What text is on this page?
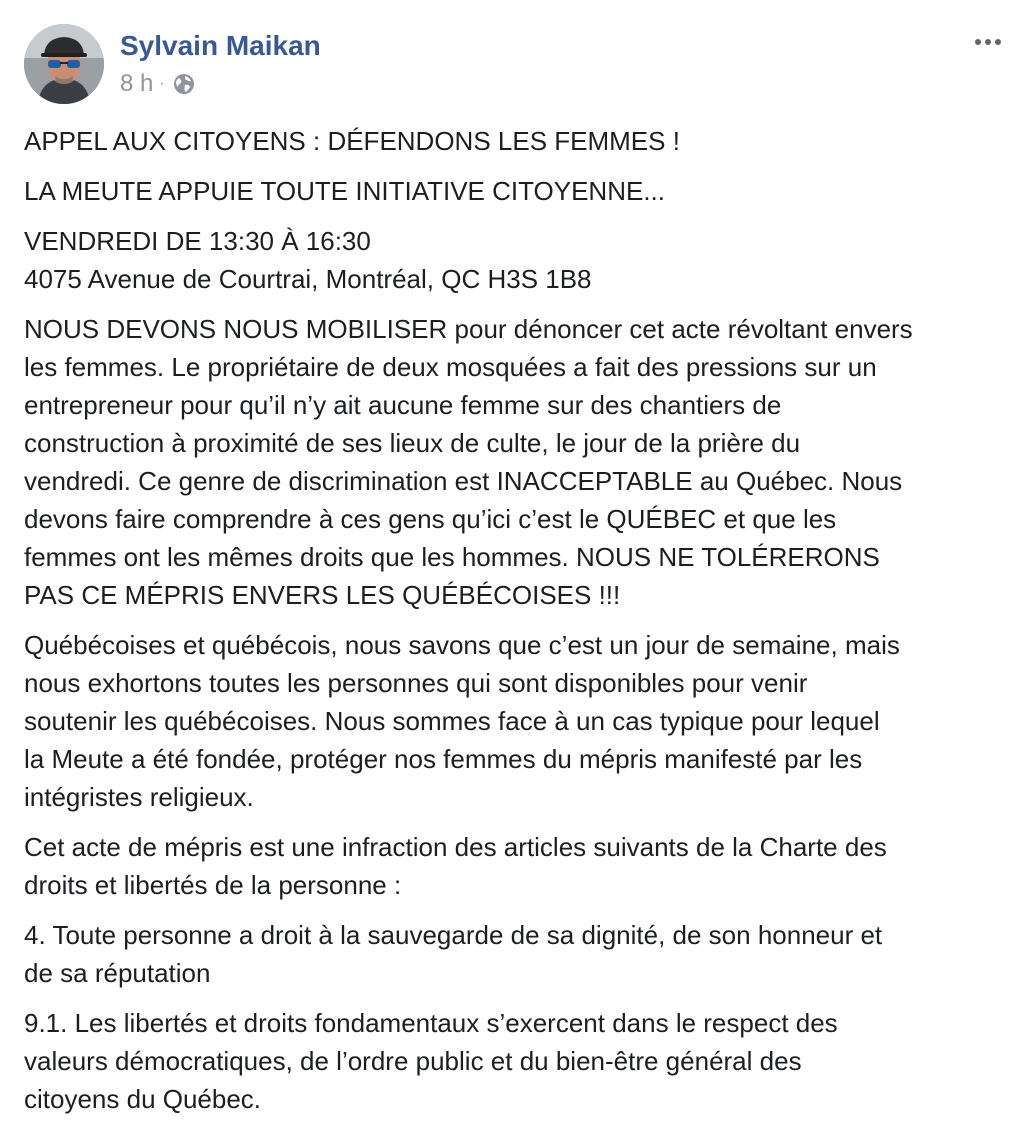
Sylvain Maikan
8 h ·

APPEL AUX CITOYENS : DÉFENDONS LES FEMMES !

LA MEUTE APPUIE TOUTE INITIATIVE CITOYENNE...

VENDREDI DE 13:30 À 16:30
4075 Avenue de Courtrai, Montréal, QC H3S 1B8

NOUS DEVONS NOUS MOBILISER pour dénoncer cet acte révoltant envers
les femmes. Le propriétaire de deux mosquées a fait des pressions sur un
entrepreneur pour qu’il n’y ait aucune femme sur des chantiers de
construction à proximité de ses lieux de culte, le jour de la prière du
vendredi. Ce genre de discrimination est INACCEPTABLE au Québec. Nous
devons faire comprendre à ces gens qu’ici c’est le QUÉBEC et que les
femmes ont les mêmes droits que les hommes. NOUS NE TOLÉRERONS
PAS CE MÉPRIS ENVERS LES QUÉBÉCOISES !!!

Québécoises et québécois, nous savons que c’est un jour de semaine, mais
nous exhortons toutes les personnes qui sont disponibles pour venir
soutenir les québécoises. Nous sommes face à un cas typique pour lequel
la Meute a été fondée, protéger nos femmes du mépris manifesté par les
intégristes religieux.

Cet acte de mépris est une infraction des articles suivants de la Charte des
droits et libertés de la personne :

4. Toute personne a droit à la sauvegarde de sa dignité, de son honneur et
de sa réputation

9.1. Les libertés et droits fondamentaux s’exercent dans le respect des
valeurs démocratiques, de l’ordre public et du bien-être général des
citoyens du Québec.
